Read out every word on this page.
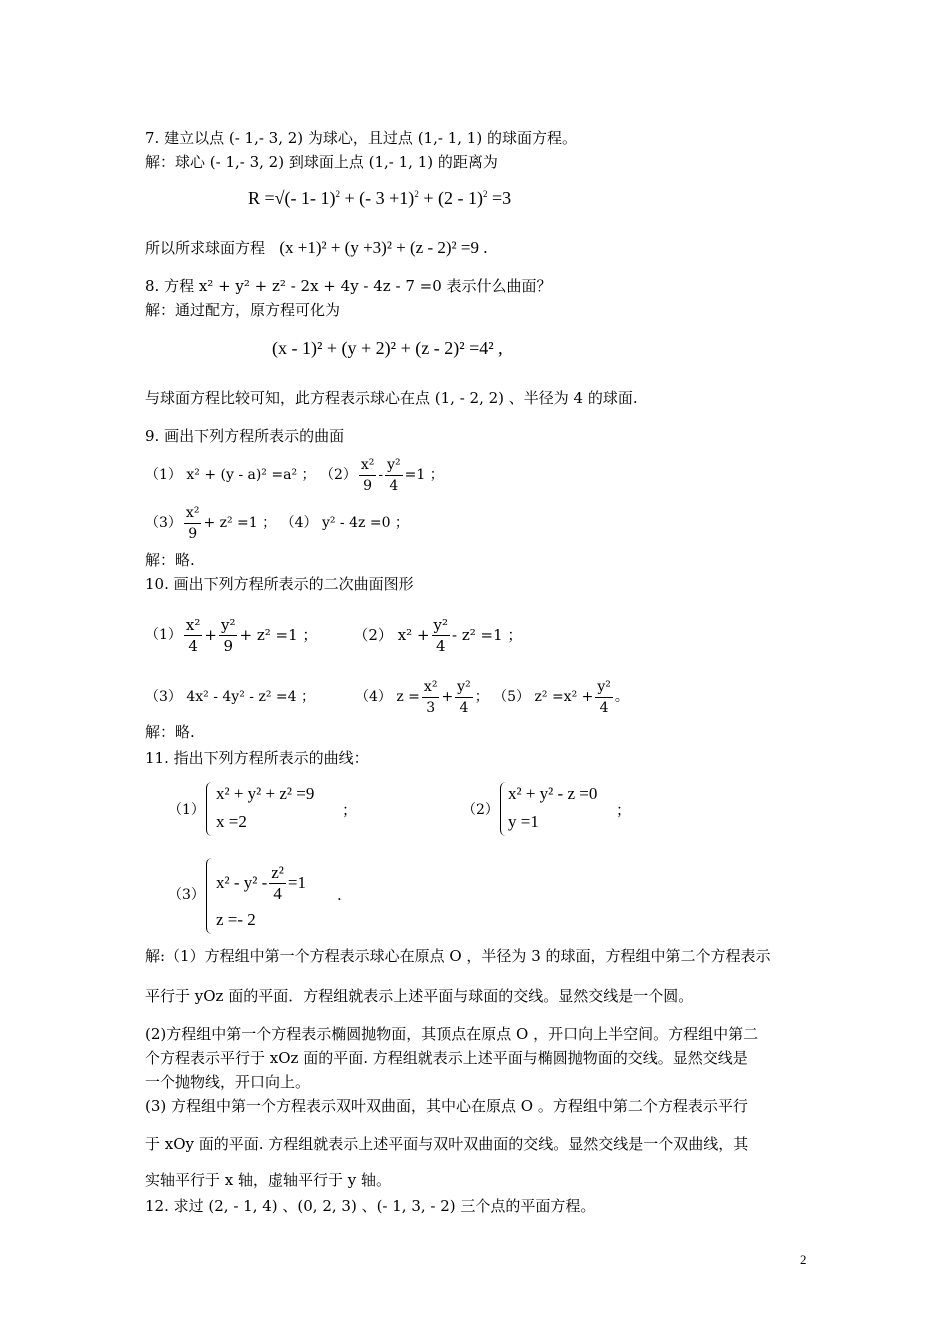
7. 建立以点 (- 1,- 3, 2) 为球心，且过点 (1,- 1, 1) 的球面方程。
解：球心 (- 1,- 3, 2) 到球面上点 (1,- 1, 1) 的距离为
R =√(- 1- 1)$^2$ + (- 3 +1)$^2$ + (2 - 1)$^2$ =3
所以所求球面方程 (x +1)² + (y +3)² + (z - 2)² =9 .
8. 方程 x² + y² + z² - 2x + 4y - 4z - 7 =0 表示什么曲面？
解：通过配方，原方程可化为
(x - 1)² + (y + 2)² + (z - 2)² =4² ,
与球面方程比较可知，此方程表示球心在点 (1, - 2, 2) 、半径为 4 的球面.
9. 画出下列方程所表示的曲面
（1） x² + (y - a)² =a² ； $(2) \frac{\text{x²}}{9} - \frac{\text{y²}}{4} =1$ ；
$(3) \frac{\text{x²}}{9} + z^2 =1$ ； （4） y² - 4z =0 ；
解：略.
10. 画出下列方程所表示的二次曲面图形
$(1) \frac{\text{x²}}{4} + \frac{\text{y²}}{9} + z^2 =1$ ； （2） $x^2 + \frac{\text{y²}}{4} - z^2 =1$ ；
（3） 4x² - 4y² - z² =4 ；	（4） $z = \frac{\text{x²}}{3} + \frac{\text{y²}}{4}$ ； （5） $z^2 =x^2 + \frac{\text{y²}}{4}$ 。
解：略.
11. 指出下列方程所表示的曲线：
（1）
x² + y² + z² =9
x =2
；	（2）
x² + y² - z =0
y =1
；
（3）
$x^2 - y^2 - \frac{\text{z²}}{4} =1$
z =- 2
.
解:（1）方程组中第一个方程表示球心在原点 O ，半径为 3 的球面，方程组中第二个方程表示
平行于 yOz 面的平面．方程组就表示上述平面与球面的交线。显然交线是一个圆。
(2)方程组中第一个方程表示椭圆抛物面，其顶点在原点 O ，开口向上半空间。方程组中第二
个方程表示平行于 xOz 面的平面. 方程组就表示上述平面与椭圆抛物面的交线。显然交线是
一个抛物线，开口向上。
(3) 方程组中第一个方程表示双叶双曲面，其中心在原点 O 。方程组中第二个方程表示平行
于 xOy 面的平面. 方程组就表示上述平面与双叶双曲面的交线。显然交线是一个双曲线，其
实轴平行于 x 轴，虚轴平行于 y 轴。
12. 求过 (2, - 1, 4) 、(0, 2, 3) 、(- 1, 3, - 2) 三个点的平面方程。
2
